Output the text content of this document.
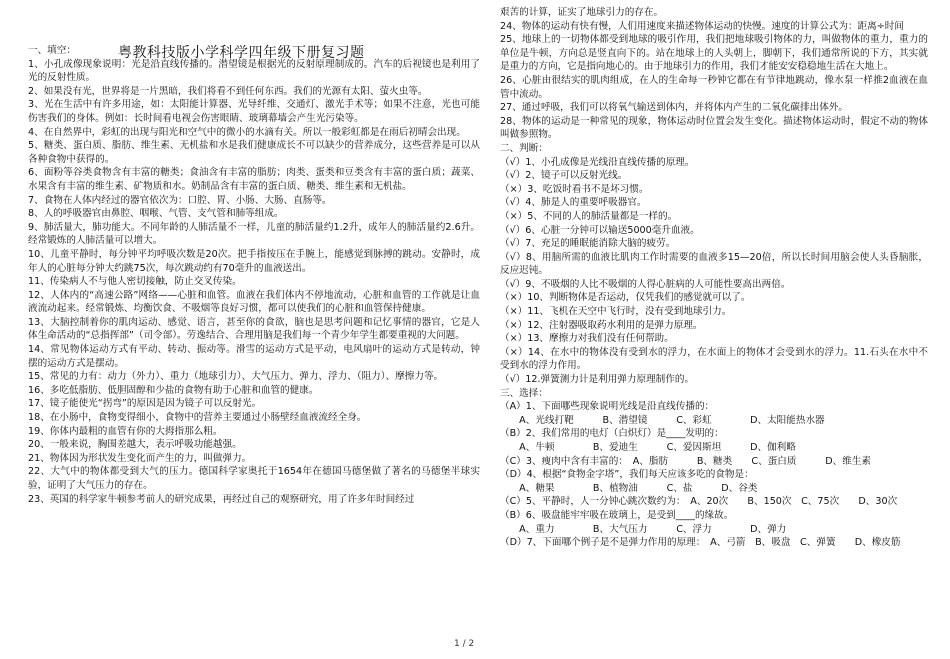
粤教科技版小学科学四年级下册复习题

一、填空：

1、小孔成像现象说明：光是沿直线传播的。潜望镜是根据光的反射原理制成的。汽车的后视镜也是利用了光的反射性质。

2、如果没有光，世界将是一片黑暗，我们将看不到任何东西。我们的光源有太阳、萤火虫等。

3、光在生活中有许多用途，如：太阳能计算器、光导纤维、交通灯、激光手术等；如果不注意，光也可能伤害我们的身体。例如：长时间看电视会伤害眼睛、玻璃幕墙会产生光污染等。

4、在自然界中，彩虹的出现与阳光和空气中的微小的水滴有关。所以一般彩虹都是在雨后初晴会出现。

5、糖类、蛋白质、脂肪、维生素、无机盐和水是我们健康成长不可以缺少的营养成分，这些营养是可以从各种食物中获得的。

6、面粉等谷类食物含有丰富的糖类；食油含有丰富的脂肪；肉类、蛋类和豆类含有丰富的蛋白质；蔬菜、水果含有丰富的维生素、矿物质和水。奶制品含有丰富的蛋白质、糖类、维生素和无机盐。

7、食物在人体内经过的器官依次为：口腔、胃、小肠、大肠、直肠等。

8、人的呼吸器官由鼻腔、咽喉、气管、支气管和肺等组成。

9、肺活量大，肺功能大。不同年龄的人肺活量不一样，儿童的肺活量约1.2升，成年人的肺活量约2.6升。经常锻炼的人肺活量可以增大。

10、儿童平静时，每分钟平均呼吸次数是20次。把手指按压在手腕上，能感觉到脉搏的跳动。安静时，成年人的心脏每分钟大约跳75次，每次跳动约有70毫升的血液送出。

11、传染病人不与他人密切接触，防止交叉传染。

12、人体内的“高速公路”网络——心脏和血管。血液在我们体内不停地流动，心脏和血管的工作就是让血液流动起来。经常锻炼、均衡饮食、不吸烟等良好习惯，都可以使我们的心脏和血管保持健康。

13、大脑控制着你的肌肉运动、感觉、语言，甚至你的食欲，脑也是思考问题和记忆事情的器官，它是人体生命活动的“总指挥部”（司令部）。劳逸结合、合理用脑是我们每一个青少年学生都要重视的大问题。

14、常见物体运动方式有平动、转动、振动等。滑雪的运动方式是平动，电风扇叶的运动方式是转动，钟摆的运动方式是摆动。

15、常见的力有：动力（外力）、重力（地球引力）、大气压力、弹力、浮力、（阻力）、摩擦力等。

16、多吃低脂肪、低胆固醇和少盐的食物有助于心脏和血管的健康。

17、镜子能使光“拐弯”的原因是因为镜子可以反射光。

18、在小肠中，食物变得细小，食物中的营养主要通过小肠壁经血液流经全身。

19、你体内最粗的血管有你的大拇指那么粗。

20、一般来说，胸围差越大，表示呼吸功能越强。

21、物体因为形状发生变化而产生的力，叫做弹力。

22、大气中的物体都受到大气的压力。德国科学家奥托于1654年在德国马德堡做了著名的马德堡半球实验，证明了大气压力的存在。

23、英国的科学家牛顿参考前人的研究成果，再经过自己的观察研究，用了许多年时间经过

艰苦的计算，证实了地球引力的存在。

24、物体的运动有快有慢，人们用速度来描述物体运动的快慢。速度的计算公式为：距离÷时间

25、地球上的一切物体都受到地球的吸引作用，我们把地球吸引物体的力，叫做物体的重力，重力的单位是牛顿，方向总是竖直向下的。站在地球上的人头朝上，脚朝下，我们通常所说的下方，其实就是重力的方向，它是指向地心的。由于地球引力的作用，我们才能安安稳稳地生活在大地上。

26、心脏由很结实的肌肉组成，在人的生命每一秒钟它都在有节律地跳动，像水泵一样推2血液在血管中流动。

27、通过呼吸，我们可以将氧气输送到体内，并将体内产生的二氧化碳排出体外。

28、物体的运动是一种常见的现象，物体运动时位置会发生变化。描述物体运动时，假定不动的物体叫做参照物。

二、判断：

（√）1、小孔成像是光线沿直线传播的原理。

（√）2、镜子可以反射光线。

（×）3、吃饭时看书不是坏习惯。

（√）4、肺是人的重要呼吸器官。

（×）5、不同的人的肺活量都是一样的。

（√）6、心脏一分钟可以输送5000毫升血液。

（√）7、充足的睡眠能消除大脑的疲劳。

（√）8、用脑所需的血液比肌肉工作时需要的血液多15—20倍，所以长时间用脑会使人头昏脑胀，反应迟钝。

（√）9、不吸烟的人比不吸烟的人得心脏病的人可能性要高出两倍。

（×）10、判断物体是否运动，仅凭我们的感觉就可以了。

（×）11、飞机在天空中飞行时，没有受到地球引力。

（×）12、注射器吸取药水利用的是弹力原理。

（×）13、摩擦力对我们没有任何帮助。

（×）14、在水中的物体没有受到水的浮力，在水面上的物体才会受到水的浮力。11.石头在水中不受到水的浮力作用。

（√）12.弹簧测力计是利用弹力原理制作的。

三、选择：

（A）1、下面哪些现象说明光线是沿直线传播的：

　　A、光线打靶　　　B、潜望镜　　　C、彩虹　　　　D、太阳能热水器

（B）2、我们常用的电灯（白炽灯）是____发明的：

　　A、牛顿　　　　B、爱迪生　　　C、爱因斯坦　　　D、伽利略

（C）3、瘦肉中含有丰富的：　A、脂肪　　　B、糖类　　C、蛋白质　　　D、维生素

（D）4、根据“食物金字塔”，我们每天应该多吃的食物是：

　　A、糖果　　　　B、植物油　　　C、盐　　　D、谷类

（C）5、平静时，人一分钟心跳次数约为：　A、20次　　B、150次　C、75次　　D、30次

（B）6、吸盘能牢牢吸在玻璃上，是受到____的缘故。

　　A、重力　　　　B、大气压力　　　C、浮力　　　　D、弹力

（D）7、下面哪个例子是不是弹力作用的原理：　A、弓箭　B、吸盘　C、弹簧　　D、橡皮筋

1 / 2
